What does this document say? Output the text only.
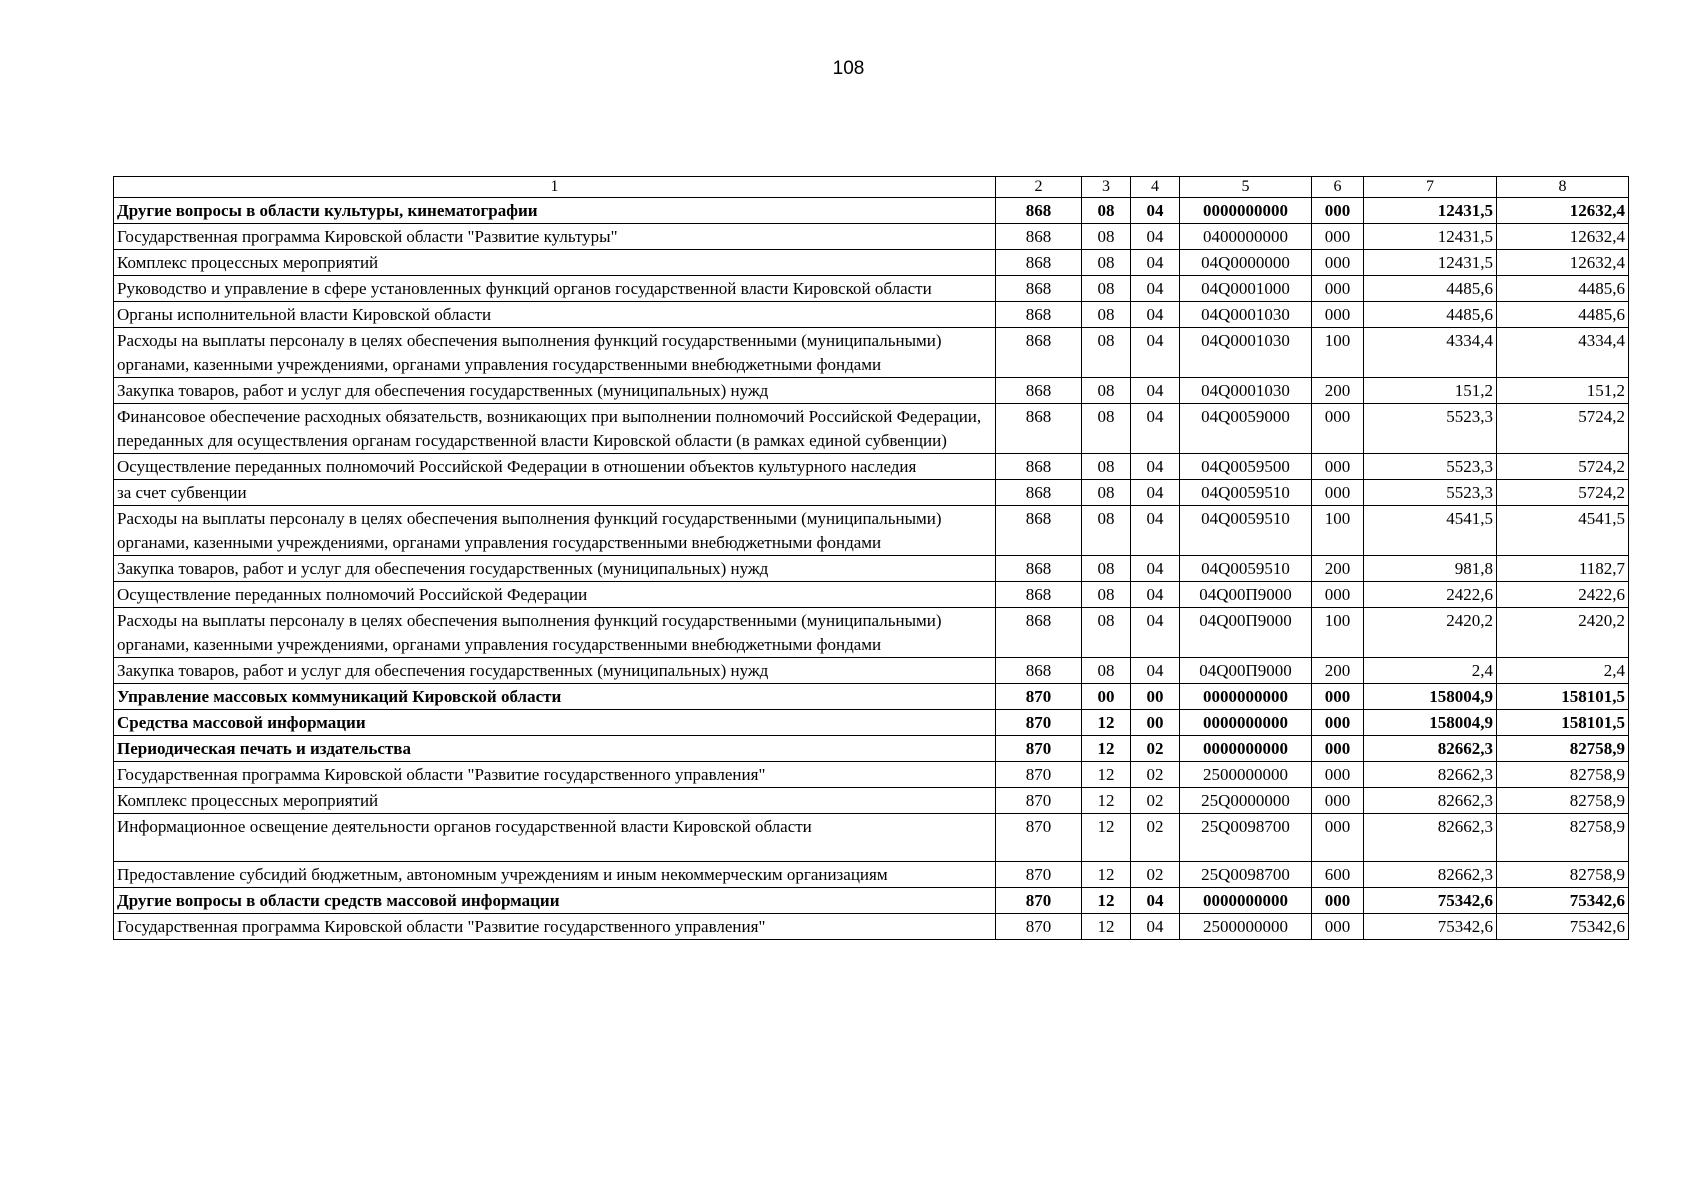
108
1	2	3	4	5	6	7	8
Другие вопросы в области культуры, кинематографии	868	08	04	0000000000	000	12431,5	12632,4
Государственная программа Кировской области "Развитие культуры"	868	08	04	0400000000	000	12431,5	12632,4
Комплекс процессных мероприятий	868	08	04	04Q0000000	000	12431,5	12632,4
Руководство и управление в сфере установленных функций органов государственной власти Кировской области	868	08	04	04Q0001000	000	4485,6	4485,6
Органы исполнительной власти Кировской области	868	08	04	04Q0001030	000	4485,6	4485,6
Расходы на выплаты персоналу в целях обеспечения выполнения функций государственными (муниципальными) органами, казенными учреждениями, органами управления государственными внебюджетными фондами	868	08	04	04Q0001030	100	4334,4	4334,4
Закупка товаров, работ и услуг для обеспечения государственных (муниципальных) нужд	868	08	04	04Q0001030	200	151,2	151,2
Финансовое обеспечение расходных обязательств, возникающих при выполнении полномочий Российской Федерации, переданных для осуществления органам государственной власти Кировской области (в рамках единой субвенции)	868	08	04	04Q0059000	000	5523,3	5724,2
Осуществление переданных полномочий Российской Федерации в отношении объектов культурного наследия	868	08	04	04Q0059500	000	5523,3	5724,2
за счет субвенции	868	08	04	04Q0059510	000	5523,3	5724,2
Расходы на выплаты персоналу в целях обеспечения выполнения функций государственными (муниципальными) органами, казенными учреждениями, органами управления государственными внебюджетными фондами	868	08	04	04Q0059510	100	4541,5	4541,5
Закупка товаров, работ и услуг для обеспечения государственных (муниципальных) нужд	868	08	04	04Q0059510	200	981,8	1182,7
Осуществление переданных полномочий Российской Федерации	868	08	04	04Q00П9000	000	2422,6	2422,6
Расходы на выплаты персоналу в целях обеспечения выполнения функций государственными (муниципальными) органами, казенными учреждениями, органами управления государственными внебюджетными фондами	868	08	04	04Q00П9000	100	2420,2	2420,2
Закупка товаров, работ и услуг для обеспечения государственных (муниципальных) нужд	868	08	04	04Q00П9000	200	2,4	2,4
Управление массовых коммуникаций Кировской области	870	00	00	0000000000	000	158004,9	158101,5
Средства массовой информации	870	12	00	0000000000	000	158004,9	158101,5
Периодическая печать и издательства	870	12	02	0000000000	000	82662,3	82758,9
Государственная программа Кировской области "Развитие государственного управления"	870	12	02	2500000000	000	82662,3	82758,9
Комплекс процессных мероприятий	870	12	02	25Q0000000	000	82662,3	82758,9
Информационное освещение деятельности органов государственной власти Кировской области	870	12	02	25Q0098700	000	82662,3	82758,9
Предоставление субсидий бюджетным, автономным учреждениям и иным некоммерческим организациям	870	12	02	25Q0098700	600	82662,3	82758,9
Другие вопросы в области средств массовой информации	870	12	04	0000000000	000	75342,6	75342,6
Государственная программа Кировской области "Развитие государственного управления"	870	12	04	2500000000	000	75342,6	75342,6
